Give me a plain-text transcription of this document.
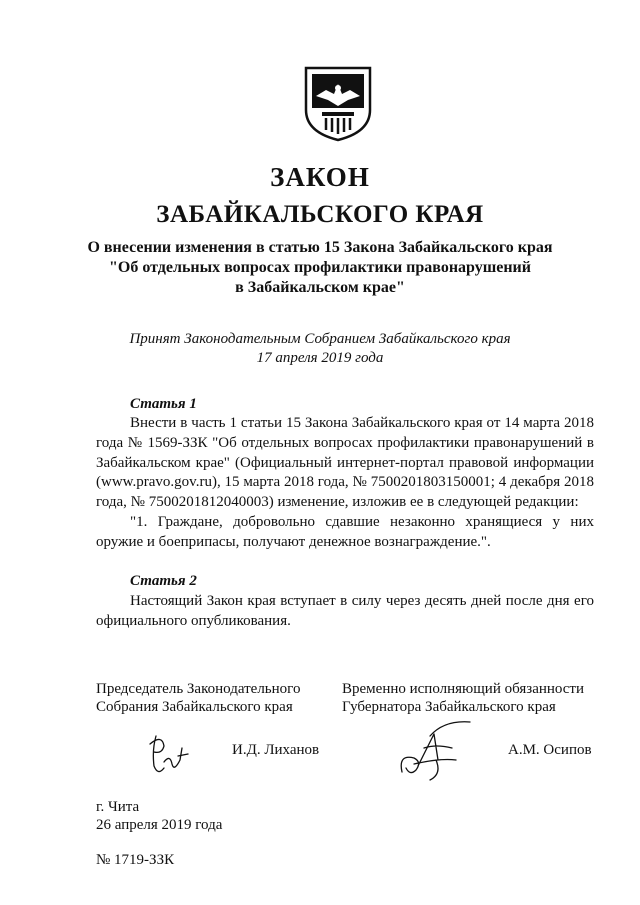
ЗАКОН
ЗАБАЙКАЛЬСКОГО КРАЯ
О внесении изменения в статью 15 Закона Забайкальского края
"Об отдельных вопросах профилактики правонарушений
в Забайкальском крае"
Принят Законодательным Собранием Забайкальского края
17 апреля 2019 года
Статья 1

Внести в часть 1 статьи 15 Закона Забайкальского края от 14 марта 2018 года № 1569-ЗЗК "Об отдельных вопросах профилактики правонарушений в Забайкальском крае" (Официальный интернет-портал правовой информации (www.pravo.gov.ru), 15 марта 2018 года, № 7500201803150001; 4 декабря 2018 года, № 7500201812040003) изменение, изложив ее в следующей редакции:

"1. Граждане, добровольно сдавшие незаконно хранящиеся у них оружие и боеприпасы, получают денежное вознаграждение.".

Статья 2

Настоящий Закон края вступает в силу через десять дней после дня его официального опубликования.

Председатель Законодательного
Собрания Забайкальского края
Временно исполняющий обязанности
Губернатора Забайкальского края
И.Д. Лиханов	А.М. Осипов
г. Чита
26 апреля 2019 года
№ 1719-ЗЗК
